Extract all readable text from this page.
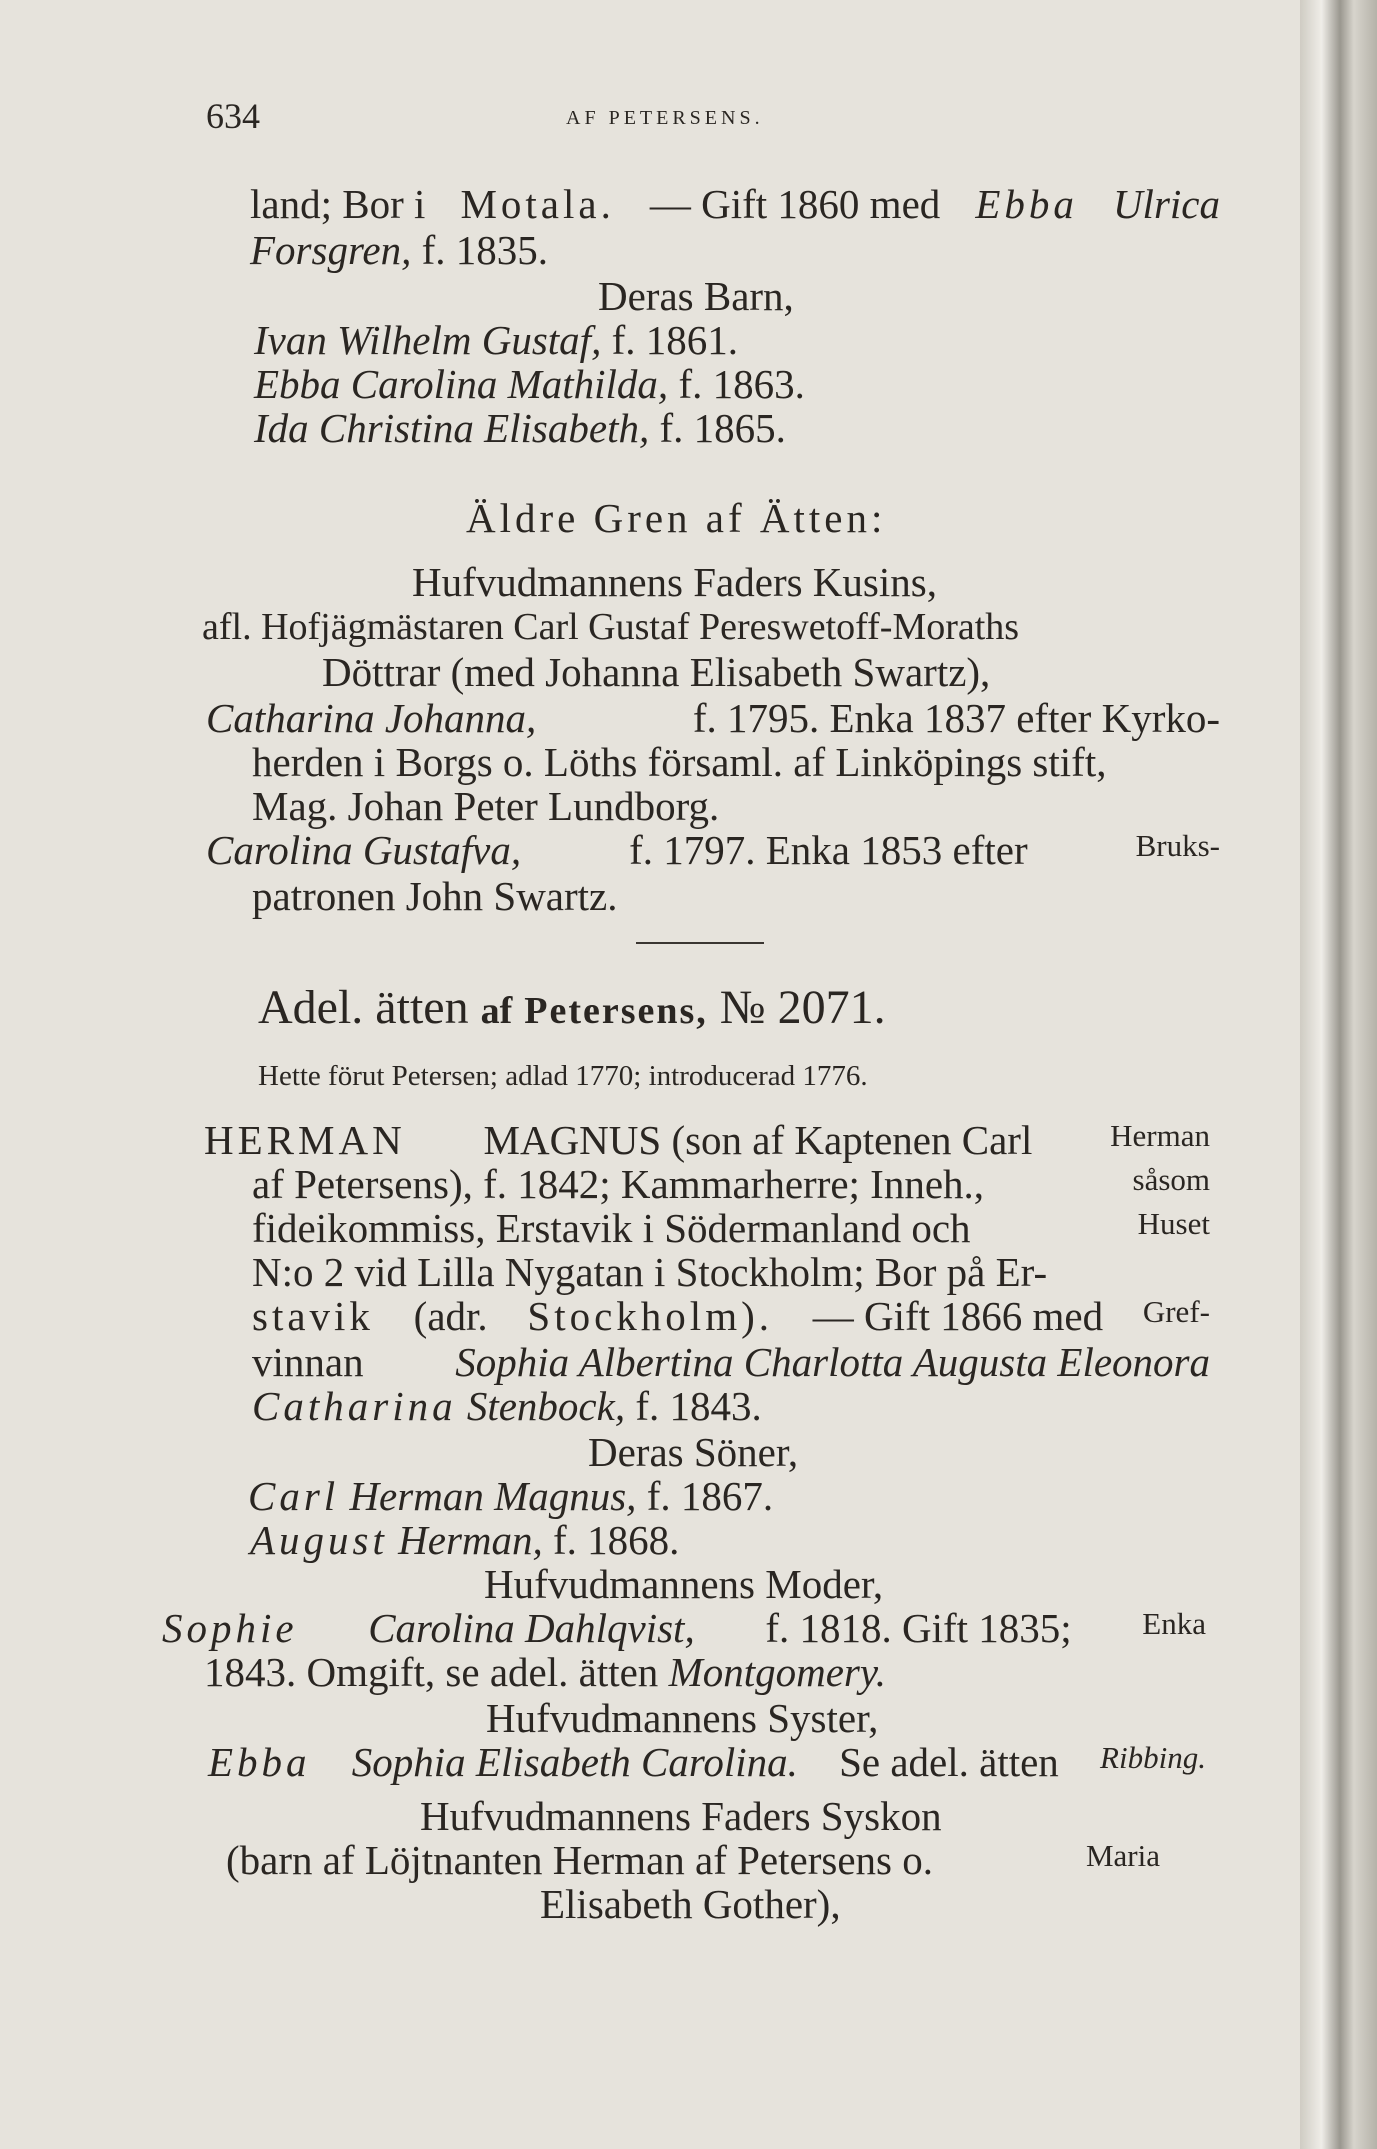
634	AF PETERSENS.
land; Bor i Motala. — Gift 1860 med Ebba Ulrica
Forsgren, f. 1835.
Deras Barn,
Ivan Wilhelm Gustaf, f. 1861.
Ebba Carolina Mathilda, f. 1863.
Ida Christina Elisabeth, f. 1865.
Äldre Gren af Ätten:
Hufvudmannens Faders Kusins,
afl. Hofjägmästaren Carl Gustaf Pereswetoff-Moraths
Döttrar (med Johanna Elisabeth Swartz),
Catharina Johanna,	f. 1795. Enka 1837 efter Kyrko-
herden i Borgs o. Löths församl. af Linköpings stift,
Mag. Johan Peter Lundborg.
Carolina Gustafva,	f. 1797. Enka 1853 efter	Bruks-
patronen John Swartz.
Adel. ätten af Petersens, № 2071.
Hette förut Petersen; adlad 1770; introducerad 1776.
HERMAN MAGNUS (son af Kaptenen Carl	Herman
af Petersens), f. 1842; Kammarherre; Inneh.,	såsom
fideikommiss, Erstavik i Södermanland och	Huset
N:o 2 vid Lilla Nygatan i Stockholm; Bor på Er-
stavik (adr. Stockholm). — Gift 1866 med Gref-
vinnan Sophia Albertina Charlotta Augusta Eleonora
Catharina Stenbock, f. 1843.
Deras Söner,
Carl Herman Magnus, f. 1867.
August Herman, f. 1868.
Hufvudmannens Moder,
Sophie Carolina Dahlqvist, f. 1818. Gift 1835; Enka
1843. Omgift, se adel. ätten Montgomery.
Hufvudmannens Syster,
Ebba Sophia Elisabeth Carolina. Se adel. ätten Ribbing.
Hufvudmannens Faders Syskon
(barn af Löjtnanten Herman af Petersens o.	Maria
Elisabeth Gother),
